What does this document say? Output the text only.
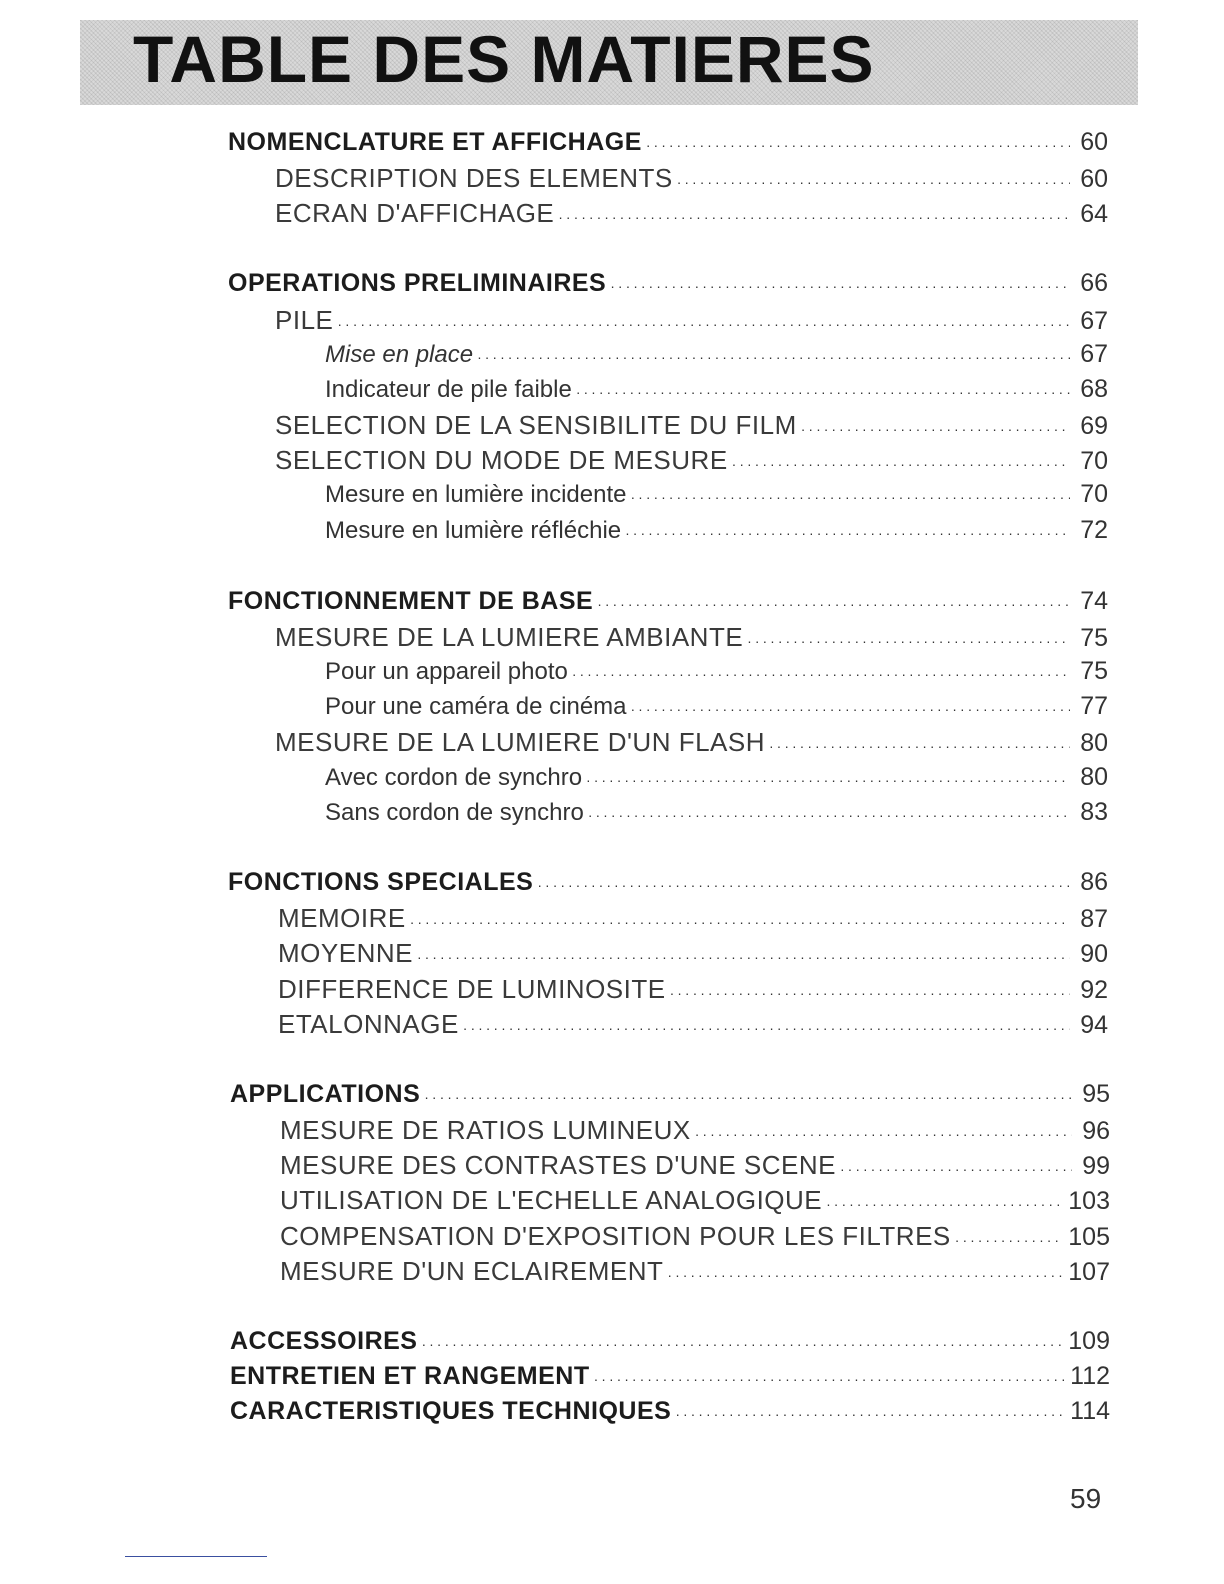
TABLE DES MATIERES
NOMENCLATURE ET AFFICHAGE ·····	60
DESCRIPTION DES ELEMENTS ·····	60
ECRAN D'AFFICHAGE ·····	64
OPERATIONS PRELIMINAIRES ·····	66
PILE ·····	67
Mise en place ·····	67
Indicateur de pile faible ·····	68
SELECTION DE LA SENSIBILITE DU FILM ·····	69
SELECTION DU MODE DE MESURE ·····	70
Mesure en lumière incidente ·····	70
Mesure en lumière réfléchie ·····	72
FONCTIONNEMENT DE BASE ·····	74
MESURE DE LA LUMIERE AMBIANTE ·····	75
Pour un appareil photo ·····	75
Pour une caméra de cinéma ·····	77
MESURE DE LA LUMIERE D'UN FLASH ·····	80
Avec cordon de synchro ·····	80
Sans cordon de synchro ·····	83
FONCTIONS SPECIALES ·····	86
MEMOIRE ·····	87
MOYENNE ·····	90
DIFFERENCE DE LUMINOSITE ·····	92
ETALONNAGE ·····	94
APPLICATIONS ·····	95
MESURE DE RATIOS LUMINEUX ·····	96
MESURE DES CONTRASTES D'UNE SCENE ·····	99
UTILISATION DE L'ECHELLE ANALOGIQUE ·····	103
COMPENSATION D'EXPOSITION POUR LES FILTRES ·····	105
MESURE D'UN ECLAIREMENT ·····	107
ACCESSOIRES ·····	109
ENTRETIEN ET RANGEMENT ·····	112
CARACTERISTIQUES TECHNIQUES ·····	114
59
